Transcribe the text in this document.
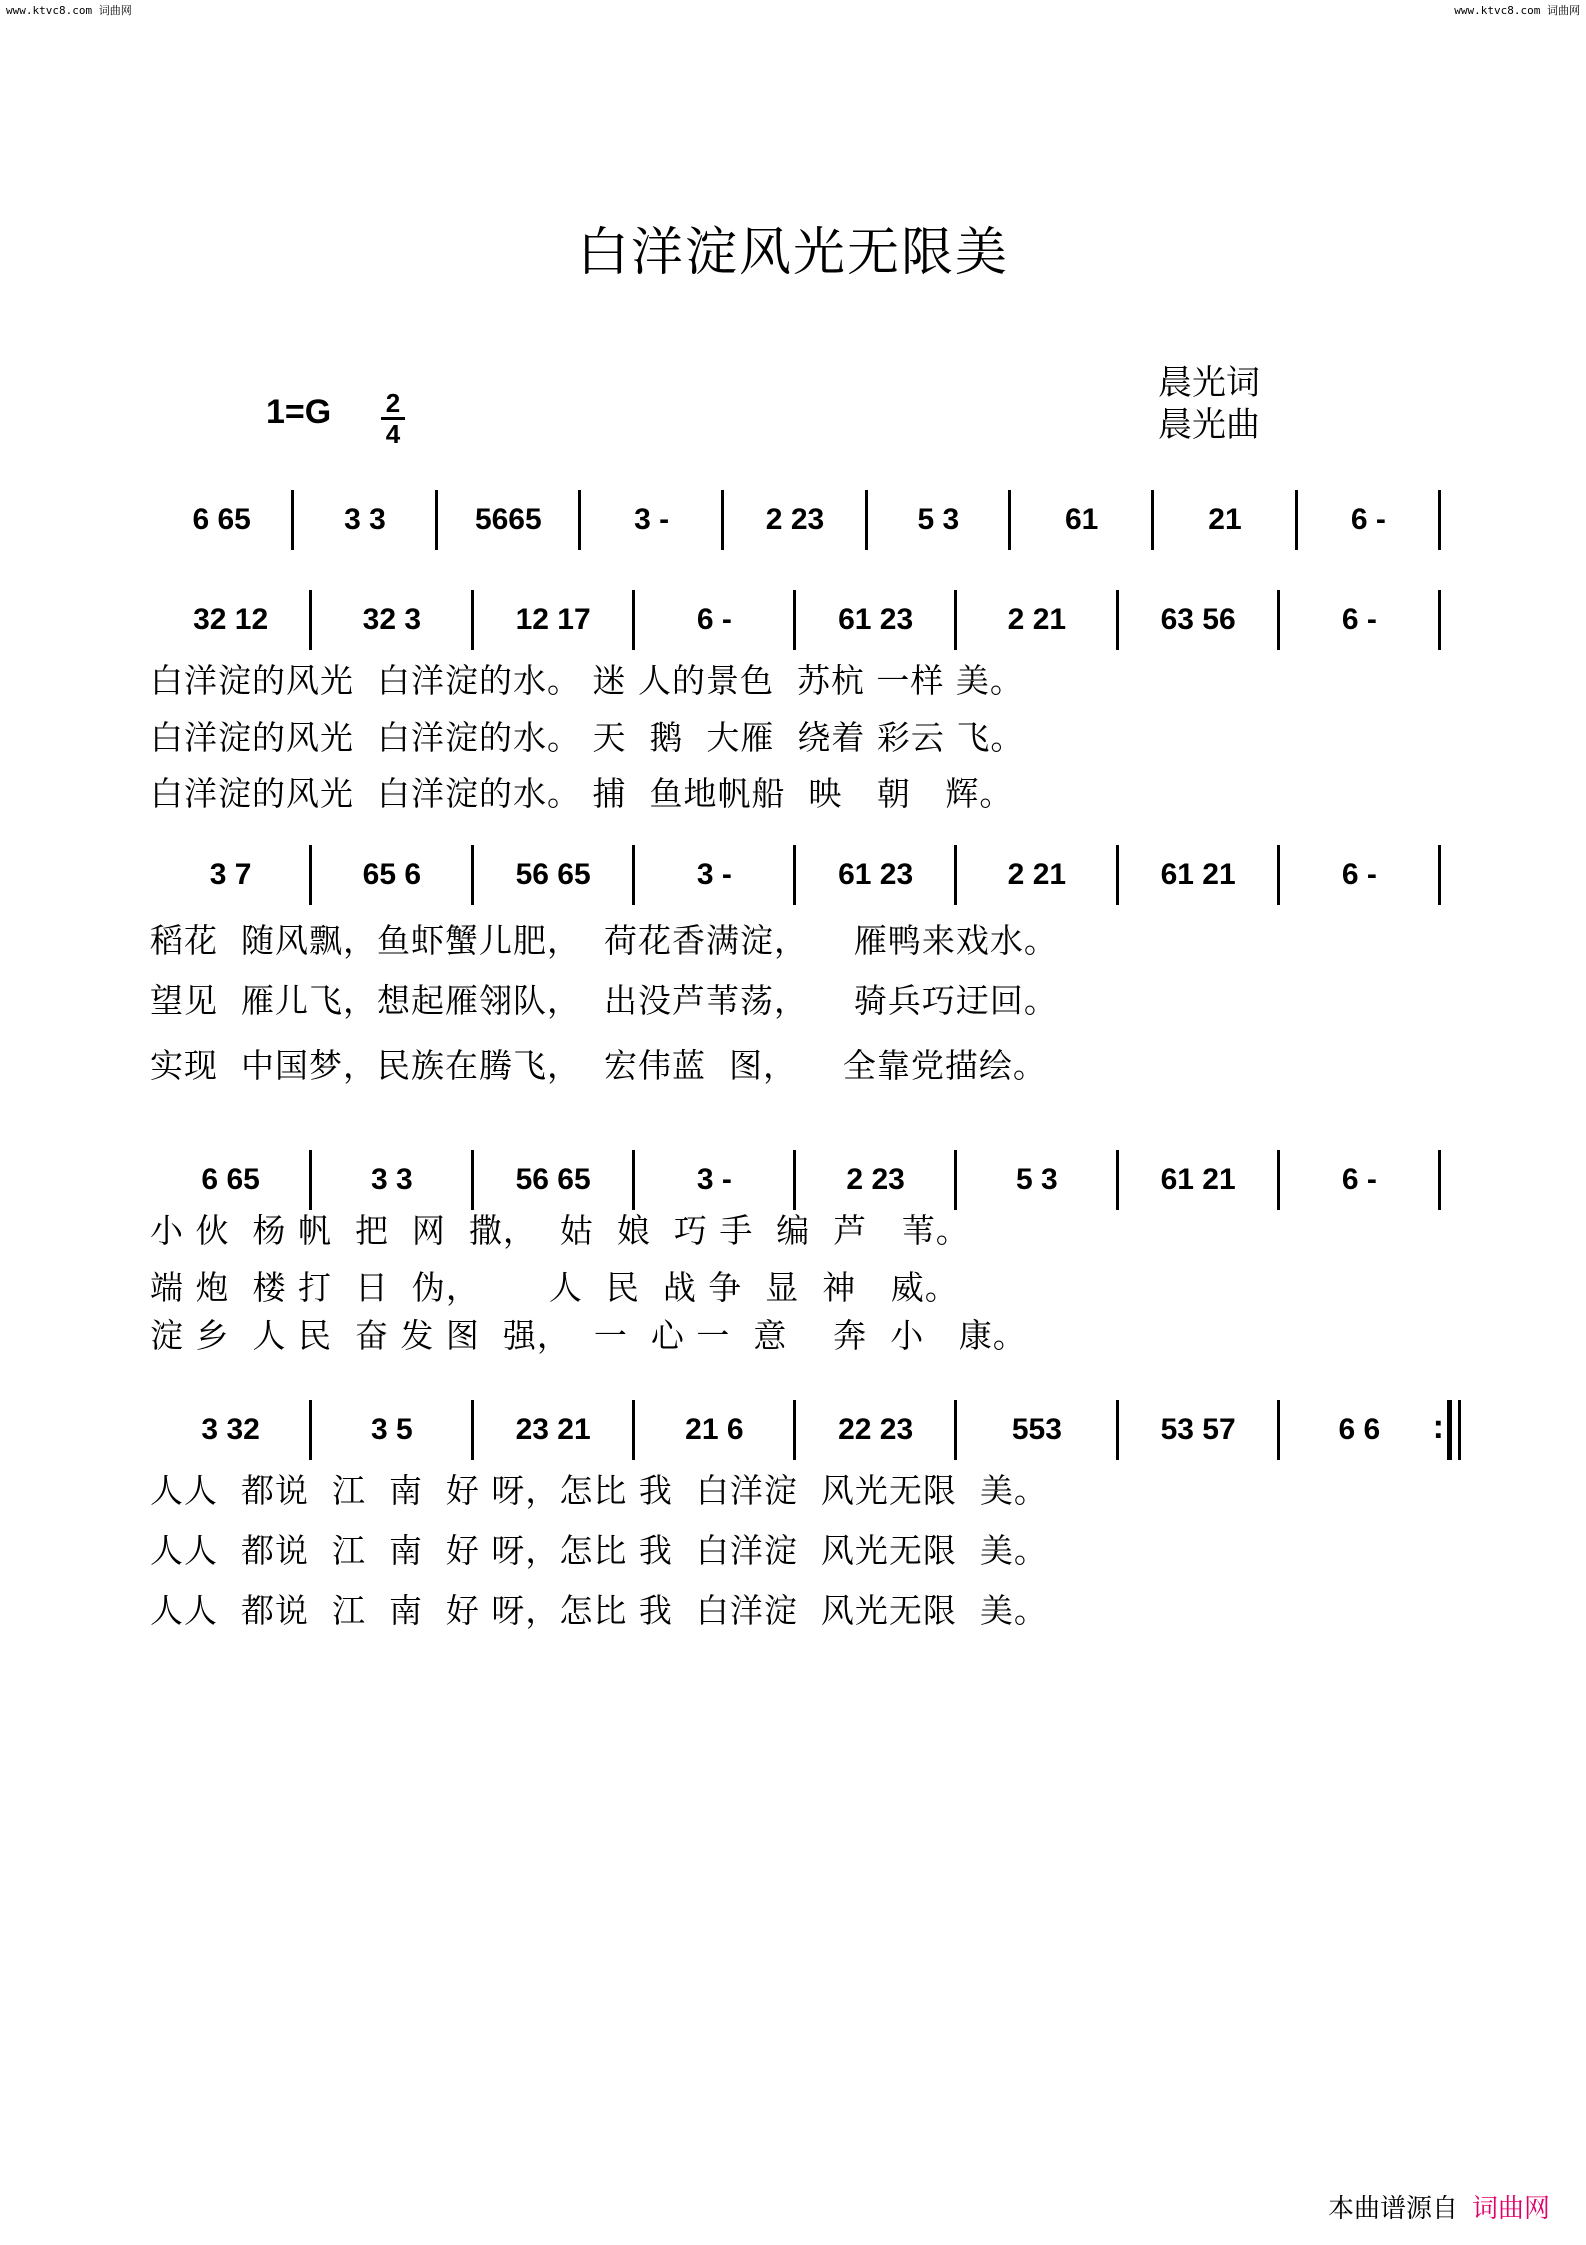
www.ktvc8.com 词曲网	www.ktvc8.com 词曲网
白洋淀风光无限美
晨光词
晨光曲
1=G 2
4
6 65	3 3	5665	3 -	2 23	5 3	61	21	6 -
32 12	32 3	12 17	6 -	61 23	2 21	63 56	6 -
3 7	65 6	56 65	3 -	61 23	2 21	61 21	6 -
6 65	3 3	56 65	3 -	2 23	5 3	61 21	6 -
3 32	3 5	23 21	21 6	22 23	553	53 57	6 6
:
白洋淀的风光  白洋淀的水。 迷 人的景色  苏杭 一样 美。
白洋淀的风光  白洋淀的水。 天  鹅  大雁  绕着 彩云 飞。
白洋淀的风光  白洋淀的水。 捕  鱼地帆船  映   朝   辉。
稻花  随风飘，鱼虾蟹儿肥，  荷花香满淀，    雁鸭来戏水。
望见  雁儿飞，想起雁翎队，  出没芦苇荡，    骑兵巧迂回。
实现  中国梦，民族在腾飞，  宏伟蓝  图，    全靠党描绘。
小 伙  杨 帆  把  网  撒，  姑  娘  巧 手  编  芦   苇。
端 炮  楼 打  日  伪，      人  民  战 争  显  神   威。
淀 乡  人 民  奋 发 图  强，  一  心 一  意    奔  小   康。
人人  都说  江  南  好 呀，怎比 我  白洋淀  风光无限  美。
人人  都说  江  南  好 呀，怎比 我  白洋淀  风光无限  美。
人人  都说  江  南  好 呀，怎比 我  白洋淀  风光无限  美。
本曲谱源自 词曲网
